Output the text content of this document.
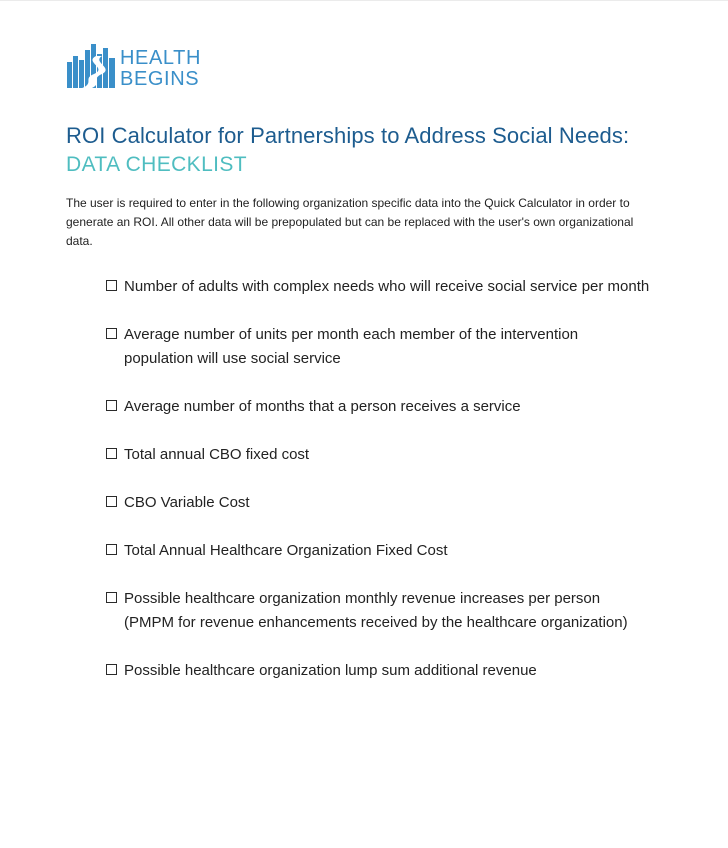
HEALTH
BEGINS
ROI Calculator for Partnerships to Address Social Needs:
DATA CHECKLIST

The user is required to enter in the following organization specific data into the Quick Calculator in order to generate an ROI. All other data will be prepopulated but can be replaced with the user's own organizational data.

Number of adults with complex needs who will receive social service per month
Average number of units per month each member of the intervention population will use social service
Average number of months that a person receives a service
Total annual CBO fixed cost
CBO Variable Cost
Total Annual Healthcare Organization Fixed Cost
Possible healthcare organization monthly revenue increases per person (PMPM for revenue enhancements received by the healthcare organization)
Possible healthcare organization lump sum additional revenue
